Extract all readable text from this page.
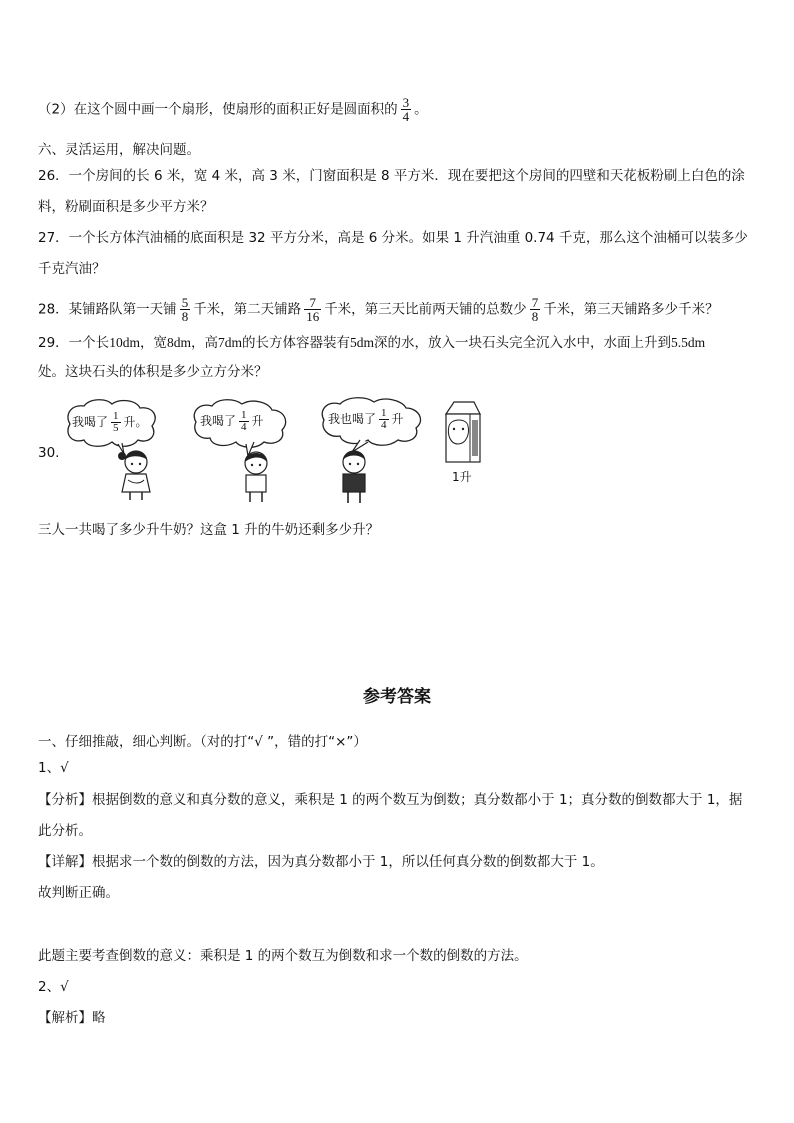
（2）在这个圆中画一个扇形，使扇形的面积正好是圆面积的 $\frac{3}{4}$ 。
六、灵活运用，解决问题。
26．一个房间的长 6 米，宽 4 米，高 3 米，门窗面积是 8 平方米．现在要把这个房间的四壁和天花板粉刷上白色的涂
料，粉刷面积是多少平方米？
27．一个长方体汽油桶的底面积是 32 平方分米，高是 6 分米。如果 1 升汽油重 0.74 千克，那么这个油桶可以装多少
千克汽油？
28．某铺路队第一天铺 $\frac{5}{8}$ 千米，第二天铺路 $\frac{7}{16}$ 千米，第三天比前两天铺的总数少 $\frac{7}{8}$ 千米，第三天铺路多少千米？
29．一个长10dm，宽8dm，高7dm的长方体容器装有5dm深的水，放入一块石头完全沉入水中，水面上升到5.5dm
处。这块石头的体积是多少立方分米？
30.
我喝了 $\frac{1}{5}$ 升。	我喝了 $\frac{1}{4}$ 升	我也喝了 $\frac{1}{4}$ 升
1升
三人一共喝了多少升牛奶？这盒 1 升的牛奶还剩多少升？
参考答案
一、仔细推敲，细心判断。（对的打“√ ”，错的打“×”）
1、√
【分析】根据倒数的意义和真分数的意义，乘积是 1 的两个数互为倒数；真分数都小于 1；真分数的倒数都大于 1，据
此分析。
【详解】根据求一个数的倒数的方法，因为真分数都小于 1，所以任何真分数的倒数都大于 1。
故判断正确。
此题主要考查倒数的意义：乘积是 1 的两个数互为倒数和求一个数的倒数的方法。
2、√
【解析】略
